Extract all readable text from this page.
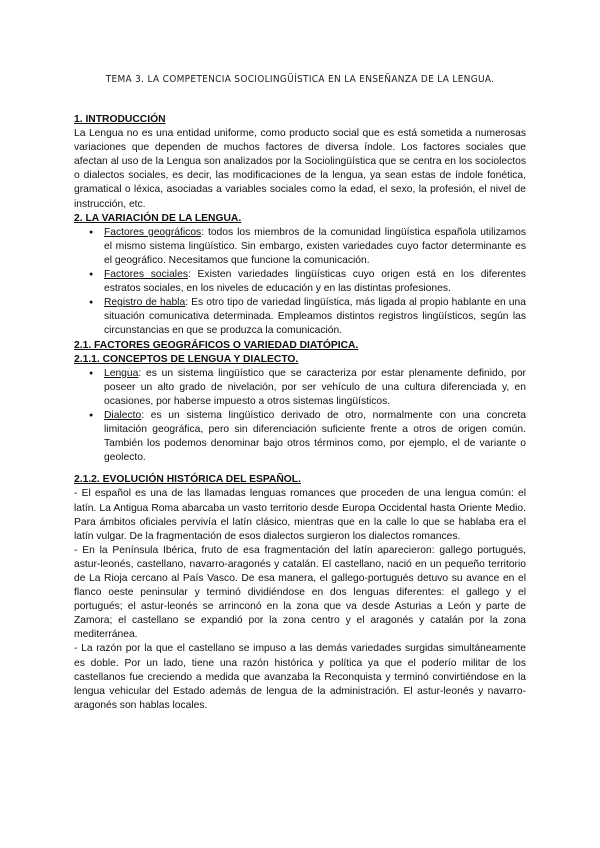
TEMA 3. LA COMPETENCIA SOCIOLINGÜÍSTICA EN LA ENSEÑANZA DE LA LENGUA.
1. INTRODUCCIÓN

La Lengua no es una entidad uniforme, como producto social que es está sometida a numerosas variaciones que dependen de muchos factores de diversa índole. Los factores sociales que afectan al uso de la Lengua son analizados por la Sociolingüística que se centra en los sociolectos o dialectos sociales, es decir, las modificaciones de la lengua, ya sean estas de índole fonética, gramatical o léxica, asociadas a variables sociales como la edad, el sexo, la profesión, el nivel de instrucción, etc.

2. LA VARIACIÓN DE LA LENGUA.
● Factores geográficos: todos los miembros de la comunidad lingüística española utilizamos el mismo sistema lingüístico. Sin embargo, existen variedades cuyo factor determinante es el geográfico. Necesitamos que funcione la comunicación.
● Factores sociales: Existen variedades lingüísticas cuyo origen está en los diferentes estratos sociales, en los niveles de educación y en las distintas profesiones.
● Registro de habla: Es otro tipo de variedad lingüística, más ligada al propio hablante en una situación comunicativa determinada. Empleamos distintos registros lingüísticos, según las circunstancias en que se produzca la comunicación.
2.1. FACTORES GEOGRÁFICOS O VARIEDAD DIATÓPICA.
2.1.1. CONCEPTOS DE LENGUA Y DIALECTO.
● Lengua: es un sistema lingüístico que se caracteriza por estar plenamente definido, por poseer un alto grado de nivelación, por ser vehículo de una cultura diferenciada y, en ocasiones, por haberse impuesto a otros sistemas lingüísticos.
● Dialecto: es un sistema lingüístico derivado de otro, normalmente con una concreta limitación geográfica, pero sin diferenciación suficiente frente a otros de origen común. También los podemos denominar bajo otros términos como, por ejemplo, el de variante o geolecto.
2.1.2. EVOLUCIÓN HISTÓRICA DEL ESPAÑOL.

- El español es una de las llamadas lenguas romances que proceden de una lengua común: el latín. La Antigua Roma abarcaba un vasto territorio desde Europa Occidental hasta Oriente Medio. Para ámbitos oficiales pervivía el latín clásico, mientras que en la calle lo que se hablaba era el latín vulgar. De la fragmentación de esos dialectos surgieron los dialectos romances.

- En la Península Ibérica, fruto de esa fragmentación del latín aparecieron: gallego portugués, astur-leonés, castellano, navarro-aragonés y catalán. El castellano, nació en un pequeño territorio de La Rioja cercano al País Vasco. De esa manera, el gallego-portugués detuvo su avance en el flanco oeste peninsular y terminó dividiéndose en dos lenguas diferentes: el gallego y el portugués; el astur-leonés se arrinconó en la zona que va desde Asturias a León y parte de Zamora; el castellano se expandió por la zona centro y el aragonés y catalán por la zona mediterránea.

- La razón por la que el castellano se impuso a las demás variedades surgidas simultáneamente es doble. Por un lado, tiene una razón histórica y política ya que el poderío militar de los castellanos fue creciendo a medida que avanzaba la Reconquista y terminó convirtiéndose en la lengua vehicular del Estado además de lengua de la administración. El astur-leonés y navarro-aragonés son hablas locales.
